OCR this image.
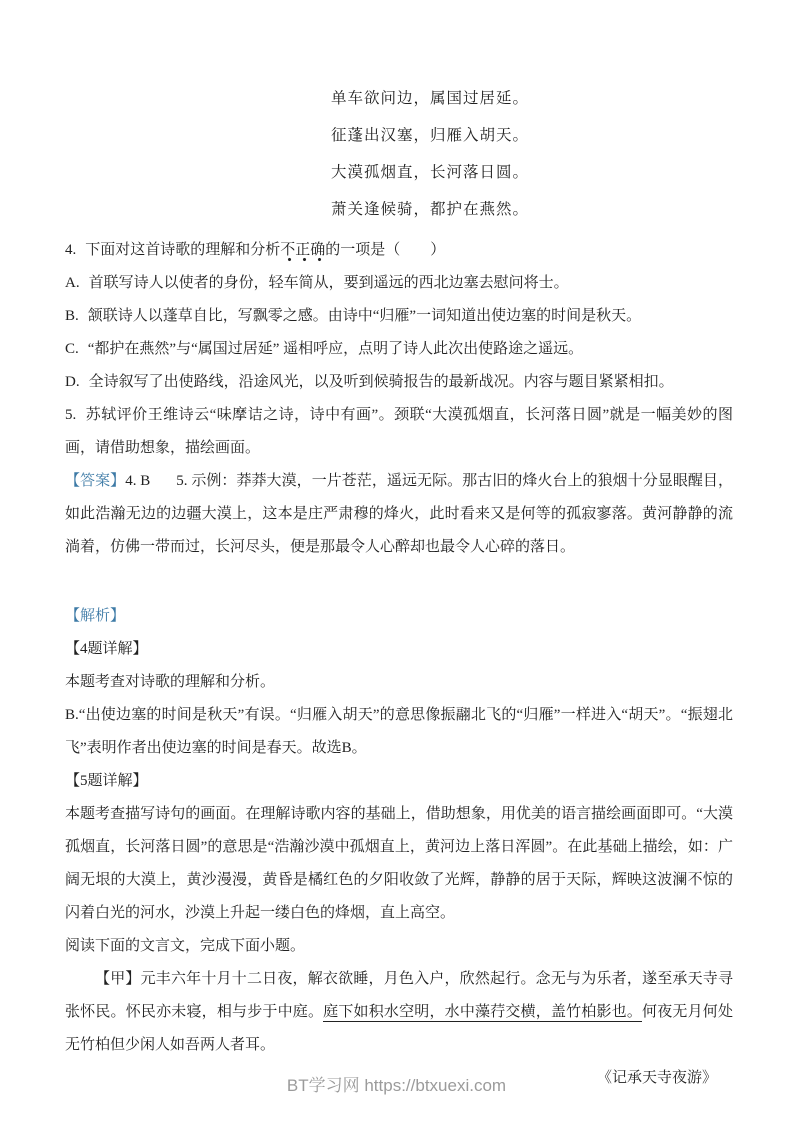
单车欲问边，属国过居延。

征蓬出汉塞，归雁入胡天。

大漠孤烟直，长河落日圆。

萧关逢候骑，都护在燕然。

4. 下面对这首诗歌的理解和分析不正确的一项是（　　）

A. 首联写诗人以使者的身份，轻车简从，要到遥远的西北边塞去慰问将士。

B. 颔联诗人以蓬草自比，写飘零之感。由诗中“归雁”一词知道出使边塞的时间是秋天。

C. “都护在燕然”与“属国过居延” 遥相呼应，点明了诗人此次出使路途之遥远。

D. 全诗叙写了出使路线，沿途风光，以及听到候骑报告的最新战况。内容与题目紧紧相扣。

5. 苏轼评价王维诗云“味摩诘之诗，诗中有画”。颈联“大漠孤烟直，长河落日圆”就是一幅美妙的图画，请借助想象，描绘画面。

【答案】4. B 5. 示例：莽莽大漠，一片苍茫，遥远无际。那古旧的烽火台上的狼烟十分显眼醒目，如此浩瀚无边的边疆大漠上，这本是庄严肃穆的烽火，此时看来又是何等的孤寂寥落。黄河静静的流淌着，仿佛一带而过，长河尽头，便是那最令人心醉却也最令人心碎的落日。

【解析】

【4题详解】

本题考查对诗歌的理解和分析。

B.“出使边塞的时间是秋天”有误。“归雁入胡天”的意思像振翮北飞的“归雁”一样进入“胡天”。“振翅北飞”表明作者出使边塞的时间是春天。故选B。

【5题详解】

本题考查描写诗句的画面。在理解诗歌内容的基础上，借助想象，用优美的语言描绘画面即可。“大漠孤烟直，长河落日圆”的意思是“浩瀚沙漠中孤烟直上，黄河边上落日浑圆”。在此基础上描绘，如：广阔无垠的大漠上，黄沙漫漫，黄昏是橘红色的夕阳收敛了光辉，静静的居于天际，辉映这波澜不惊的闪着白光的河水，沙漠上升起一缕白色的烽烟，直上高空。

阅读下面的文言文，完成下面小题。

【甲】元丰六年十月十二日夜，解衣欲睡，月色入户，欣然起行。念无与为乐者，遂至承天寺寻张怀民。怀民亦未寝，相与步于中庭。庭下如积水空明，水中藻荇交横，盖竹柏影也。何夜无月何处无竹柏但少闲人如吾两人者耳。

《记承天寺夜游》

BT学习网 https://btxuexi.com
